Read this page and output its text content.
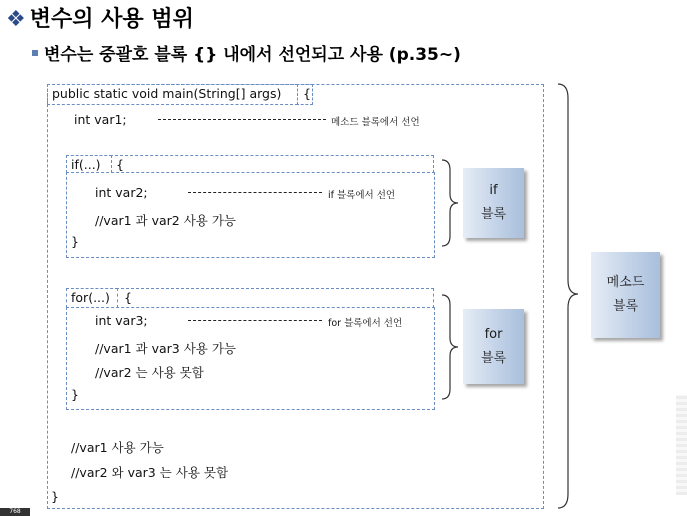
❖ 변수의 사용 범위
변수는 중괄호 블록 {} 내에서 선언되고 사용 (p.35~)
public static void main(String[] args) {
int var1;	메소드 블록에서 선언
if(...) {
int var2;	if 블록에서 선언
//var1 과 var2 사용 가능
}
for(...) {
int var3;	for 블록에서 선언
//var1 과 var3 사용 가능
//var2 는 사용 못함
}
//var1 사용 가능
//var2 와 var3 는 사용 못함
}
if
블록
for
블록
메소드
블록
768
